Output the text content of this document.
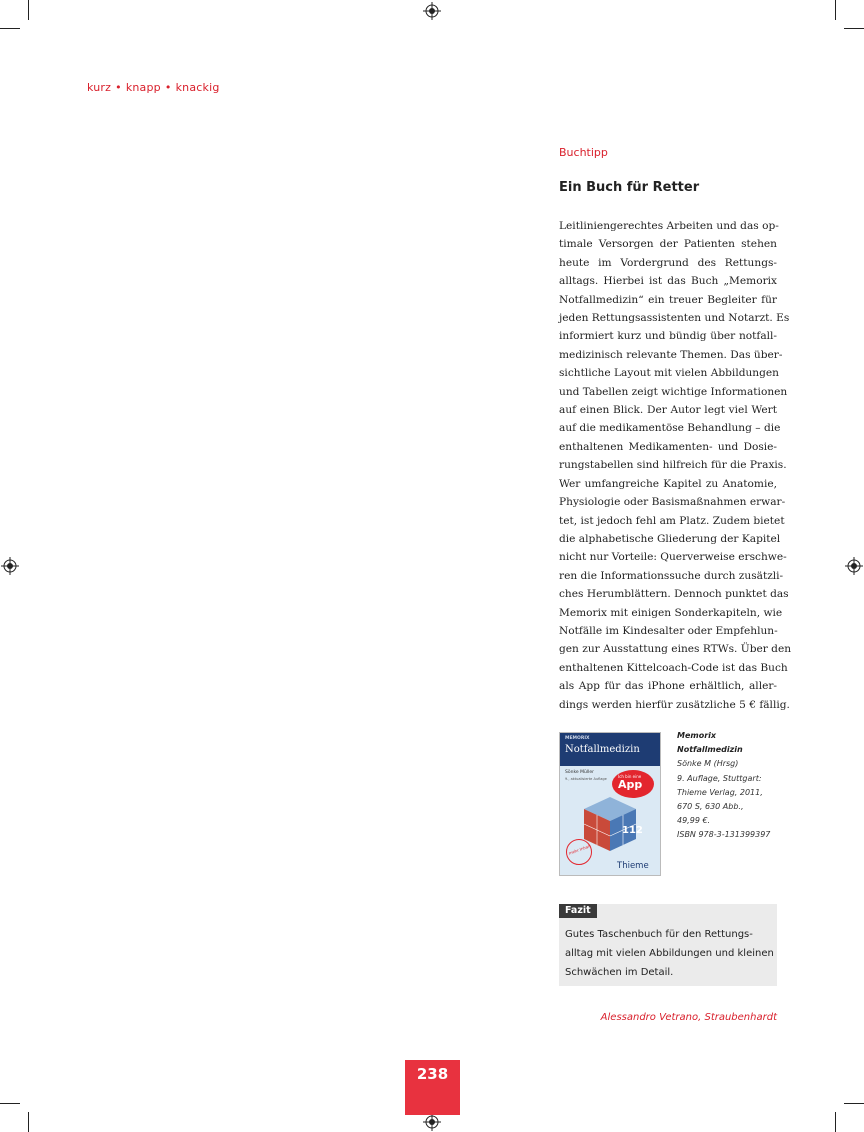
kurz • knapp • knackig
Buchtipp
Ein Buch für Retter
Leitliniengerechtes Arbeiten und das op-
timale Versorgen der Patienten stehen
heute im Vordergrund des Rettungs-
alltags. Hierbei ist das Buch „Memorix
Notfallmedizin“ ein treuer Begleiter für
jeden Rettungsassistenten und Notarzt. Es
informiert kurz und bündig über notfall-
medizinisch relevante Themen. Das über-
sichtliche Layout mit vielen Abbildungen
und Tabellen zeigt wichtige Informationen
auf einen Blick. Der Autor legt viel Wert
auf die medikamentöse Behandlung – die
enthaltenen Medikamenten- und Dosie-
rungstabellen sind hilfreich für die Praxis.
Wer umfangreiche Kapitel zu Anatomie,
Physiologie oder Basismaßnahmen erwar-
tet, ist jedoch fehl am Platz. Zudem bietet
die alphabetische Gliederung der Kapitel
nicht nur Vorteile: Querverweise erschwe-
ren die Informationssuche durch zusätzli-
ches Herumblättern. Dennoch punktet das
Memorix mit einigen Sonderkapiteln, wie
Notfälle im Kindesalter oder Empfehlun-
gen zur Ausstattung eines RTWs. Über den
enthaltenen Kittelcoach-Code ist das Buch
als App für das iPhone erhältlich, aller-
dings werden hierfür zusätzliche 5 € fällig.
MEMORIX
Notfallmedizin
Sönke Müller
9., aktualisierte Auflage	Ich bin eine
App
112
mehr Inhalt
Thieme
Memorix
Notfallmedizin
Sönke M (Hrsg)
9. Auflage, Stuttgart:
Thieme Verlag, 2011,
670 S, 630 Abb.,
49,99 €.
ISBN 978-3-131399397
Fazit
Gutes Taschenbuch für den Rettungs-
alltag mit vielen Abbildungen und kleinen
Schwächen im Detail.
Alessandro Vetrano, Straubenhardt
238
